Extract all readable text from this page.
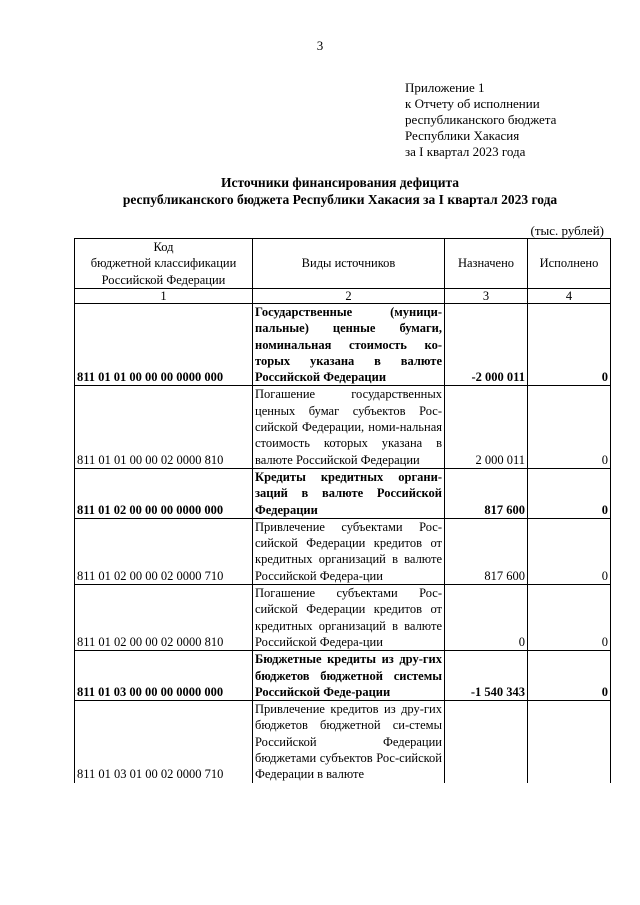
3
Приложение 1
к Отчету об исполнении
республиканского бюджета
Республики Хакасия
за I квартал 2023 года
Источники финансирования дефицита
республиканского бюджета Республики Хакасия за I квартал 2023 года
(тыс. рублей)
Код
бюджетной классификации
Российской Федерации	Виды источников	Назначено	Исполнено
1	2	3	4
811 01 01 00 00 00 0000 000	Государственные (муници-пальные) ценные бумаги, номинальная стоимость ко-торых указана в валюте Российской Федерации	-2 000 011	0
811 01 01 00 00 02 0000 810	Погашение государственных ценных бумаг субъектов Рос-сийской Федерации, номи-нальная стоимость которых указана в валюте Российской Федерации	2 000 011	0
811 01 02 00 00 00 0000 000	Кредиты кредитных органи-заций в валюте Российской Федерации	817 600	0
811 01 02 00 00 02 0000 710	Привлечение субъектами Рос-сийской Федерации кредитов от кредитных организаций в валюте Российской Федера-ции	817 600	0
811 01 02 00 00 02 0000 810	Погашение субъектами Рос-сийской Федерации кредитов от кредитных организаций в валюте Российской Федера-ции	0	0
811 01 03 00 00 00 0000 000	Бюджетные кредиты из дру-гих бюджетов бюджетной системы Российской Феде-рации	-1 540 343	0
811 01 03 01 00 02 0000 710	Привлечение кредитов из дру-гих бюджетов бюджетной си-стемы Российской Федерации бюджетами субъектов Рос-сийской Федерации в валюте		
